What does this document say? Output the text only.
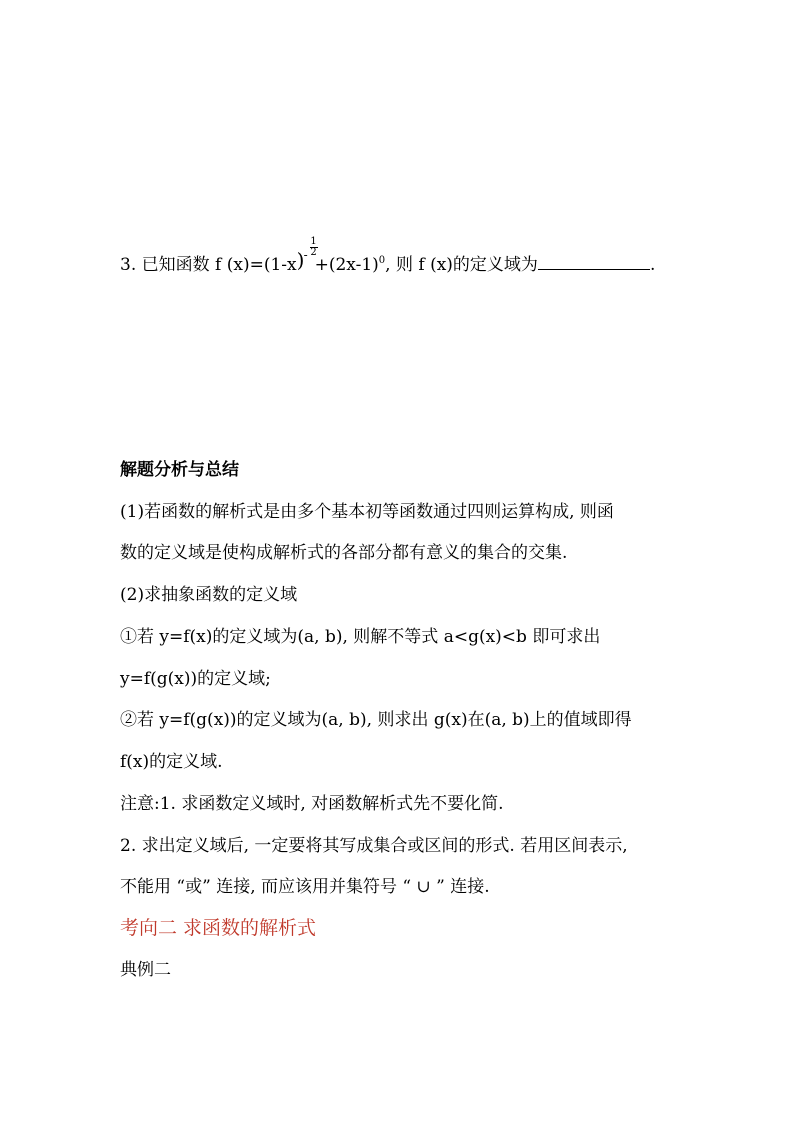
3. 已知函数 f (x)=(1-x) -
1
2
$+(2x-1)^0$, 则 f (x)的定义域为	.
解题分析与总结
(1)若函数的解析式是由多个基本初等函数通过四则运算构成, 则函
数的定义域是使构成解析式的各部分都有意义的集合的交集.
(2)求抽象函数的定义域
①若 y=f(x)的定义域为(a, b), 则解不等式 a<g(x)<b 即可求出
y=f(g(x))的定义域;
②若 y=f(g(x))的定义域为(a, b), 则求出 g(x)在(a, b)上的值域即得
f(x)的定义域.
注意:1. 求函数定义域时, 对函数解析式先不要化简.
2. 求出定义域后, 一定要将其写成集合或区间的形式. 若用区间表示,
不能用 “或” 连接, 而应该用并集符号 “ ∪ ” 连接.
考向二 求函数的解析式
典例二
